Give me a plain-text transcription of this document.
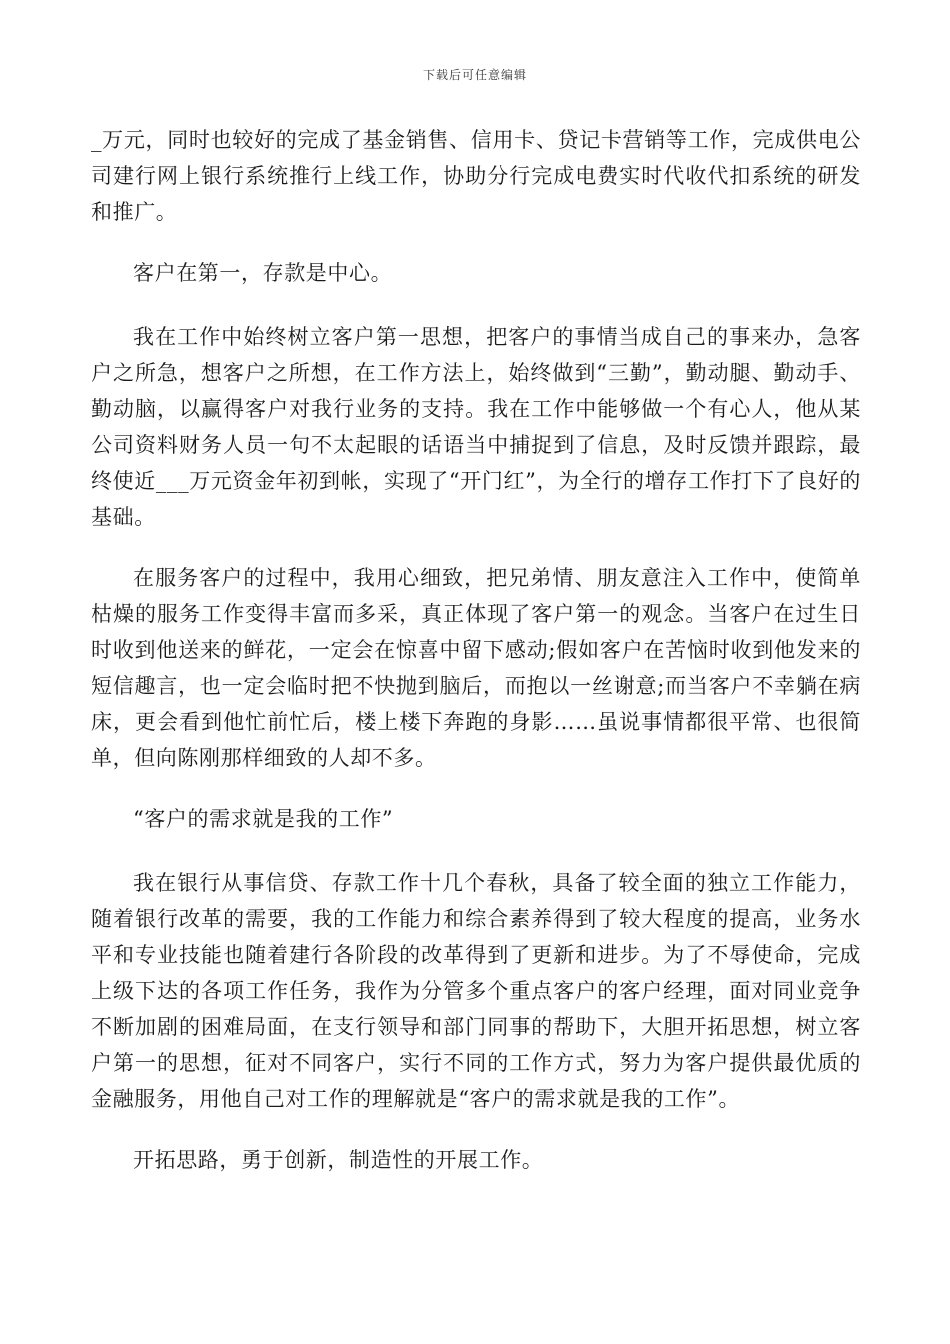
下载后可任意编辑

_万元，同时也较好的完成了基金销售、信用卡、贷记卡营销等工作，完成供电公司建行网上银行系统推行上线工作，协助分行完成电费实时代收代扣系统的研发和推广。

客户在第一，存款是中心。

我在工作中始终树立客户第一思想，把客户的事情当成自己的事来办，急客户之所急，想客户之所想，在工作方法上，始终做到“三勤”，勤动腿、勤动手、勤动脑，以赢得客户对我行业务的支持。我在工作中能够做一个有心人，他从某公司资料财务人员一句不太起眼的话语当中捕捉到了信息，及时反馈并跟踪，最终使近___万元资金年初到帐，实现了“开门红”，为全行的增存工作打下了良好的基础。

在服务客户的过程中，我用心细致，把兄弟情、朋友意注入工作中，使简单枯燥的服务工作变得丰富而多采，真正体现了客户第一的观念。当客户在过生日时收到他送来的鲜花，一定会在惊喜中留下感动;假如客户在苦恼时收到他发来的短信趣言，也一定会临时把不快抛到脑后，而抱以一丝谢意;而当客户不幸躺在病床，更会看到他忙前忙后，楼上楼下奔跑的身影……虽说事情都很平常、也很简单，但向陈刚那样细致的人却不多。

“客户的需求就是我的工作”

我在银行从事信贷、存款工作十几个春秋，具备了较全面的独立工作能力，随着银行改革的需要，我的工作能力和综合素养得到了较大程度的提高，业务水平和专业技能也随着建行各阶段的改革得到了更新和进步。为了不辱使命，完成上级下达的各项工作任务，我作为分管多个重点客户的客户经理，面对同业竞争不断加剧的困难局面，在支行领导和部门同事的帮助下，大胆开拓思想，树立客户第一的思想，征对不同客户，实行不同的工作方式，努力为客户提供最优质的金融服务，用他自己对工作的理解就是“客户的需求就是我的工作”。

开拓思路，勇于创新，制造性的开展工作。
